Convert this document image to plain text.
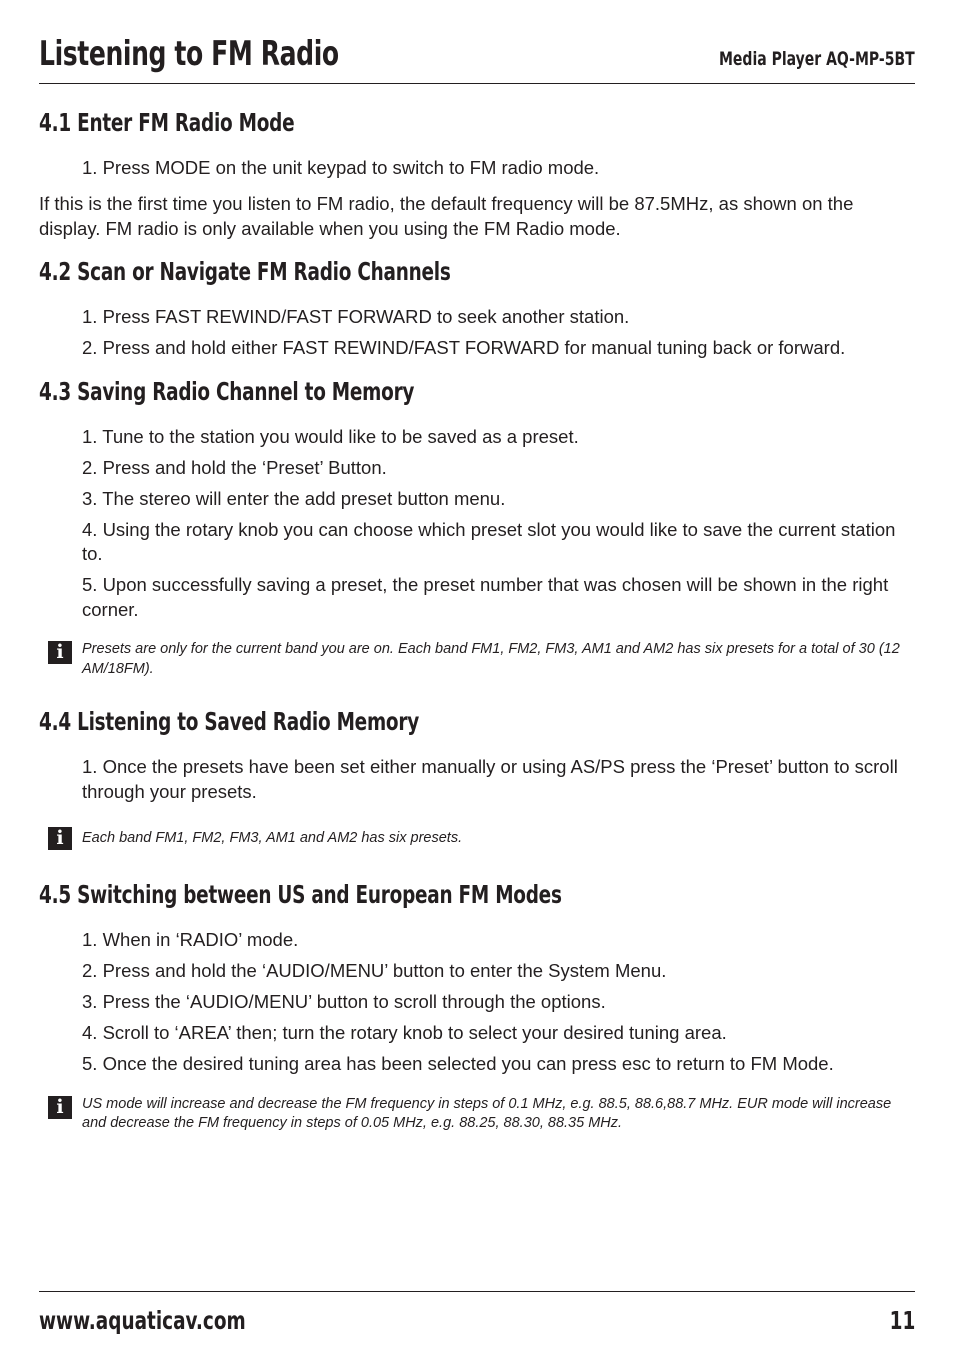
Listening to FM Radio	Media Player AQ-MP-5BT
4.1 Enter FM Radio Mode
1. Press MODE on the unit keypad to switch to FM radio mode.

If this is the first time you listen to FM radio, the default frequency will be 87.5MHz, as shown on the display. FM radio is only available when you using the FM Radio mode.

4.2 Scan or Navigate FM Radio Channels
1. Press FAST REWIND/FAST FORWARD to seek another station.
2. Press and hold either FAST REWIND/FAST FORWARD for manual tuning back or forward.
4.3 Saving Radio Channel to Memory
1. Tune to the station you would like to be saved as a preset.
2. Press and hold the ‘Preset’ Button.
3. The stereo will enter the add preset button menu.
4. Using the rotary knob you can choose which preset slot you would like to save the current station to.
5. Upon successfully saving a preset, the preset number that was chosen will be shown in the right corner.
i	Presets are only for the current band you are on. Each band FM1, FM2, FM3, AM1 and AM2 has six presets for a total of 30 (12 AM/18FM).
4.4 Listening to Saved Radio Memory
1. Once the presets have been set either manually or using AS/PS press the ‘Preset’ button to scroll through your presets.
i	Each band FM1, FM2, FM3, AM1 and AM2 has six presets.
4.5 Switching between US and European FM Modes
1. When in ‘RADIO’ mode.
2. Press and hold the ‘AUDIO/MENU’ button to enter the System Menu.
3. Press the ‘AUDIO/MENU’ button to scroll through the options.
4. Scroll to ‘AREA’ then; turn the rotary knob to select your desired tuning area.
5. Once the desired tuning area has been selected you can press esc to return to FM Mode.
i	US mode will increase and decrease the FM frequency in steps of 0.1 MHz, e.g. 88.5, 88.6,88.7 MHz. EUR mode will increase and decrease the FM frequency in steps of 0.05 MHz, e.g. 88.25, 88.30, 88.35 MHz.
www.aquaticav.com	11
